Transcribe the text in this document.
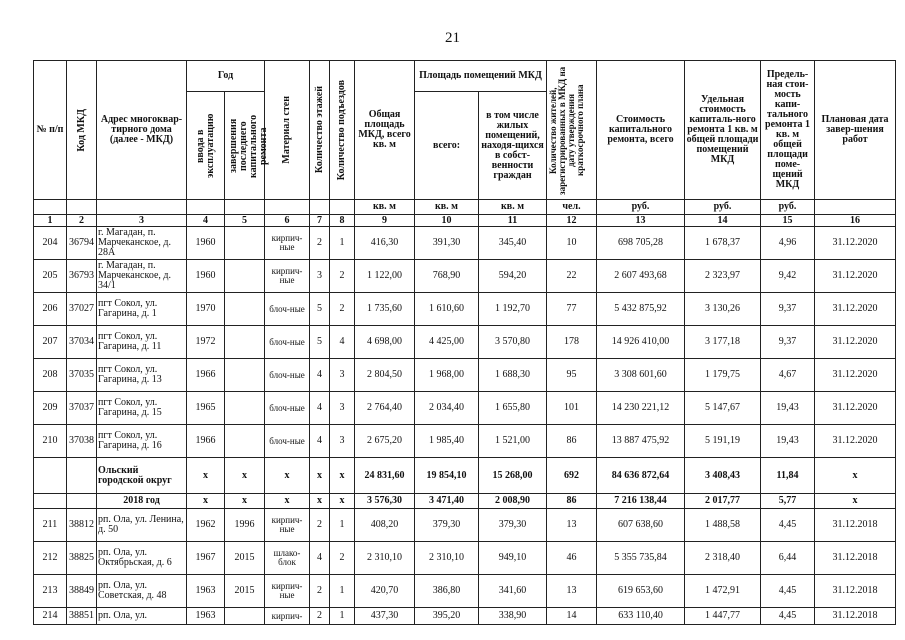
21
№ п/п	Код МКД	Адрес многоквар-тирного дома (далее - МКД)	Год		Материал стен	Количество этажей	Количество подъездов	Общая площадь МКД, всего кв. м	Площадь помещений МКД		Количество жителей, зарегистрированных в МКД на дату утверждения краткосрочного плана	Стоимость капитального ремонта, всего	Удельная стоимость капиталь-ного ремонта 1 кв. м общей площади помещений МКД	Предель-ная стои-мость капи-тального ремонта 1 кв. м общей площади поме-щений МКД	Плановая дата завер-шения работ

			ввода в эксплуатацию	завершения последнего капитального ремонта					всего:	в том числе жилых помещений, находя-щихся в собст-венности граждан					
								кв. м	кв. м	кв. м	чел.	руб.	руб.	руб.	
1	2	3	4	5	6	7	8	9	10	11	12	13	14	15	16
204	36794	г. Магадан, п. Марчеканское, д. 28А	1960		кирпич-ные	2	1	416,30	391,30	345,40	10	698 705,28	1 678,37	4,96	31.12.2020
205	36793	г. Магадан, п. Марчеканское, д. 34/1	1960		кирпич-ные	3	2	1 122,00	768,90	594,20	22	2 607 493,68	2 323,97	9,42	31.12.2020
206	37027	пгт Сокол, ул. Гагарина, д. 1	1970		блоч-ные	5	2	1 735,60	1 610,60	1 192,70	77	5 432 875,92	3 130,26	9,37	31.12.2020
207	37034	пгт Сокол, ул. Гагарина, д. 11	1972		блоч-ные	5	4	4 698,00	4 425,00	3 570,80	178	14 926 410,00	3 177,18	9,37	31.12.2020
208	37035	пгт Сокол, ул. Гагарина, д. 13	1966		блоч-ные	4	3	2 804,50	1 968,00	1 688,30	95	3 308 601,60	1 179,75	4,67	31.12.2020
209	37037	пгт Сокол, ул. Гагарина, д. 15	1965		блоч-ные	4	3	2 764,40	2 034,40	1 655,80	101	14 230 221,12	5 147,67	19,43	31.12.2020
210	37038	пгт Сокол, ул. Гагарина, д. 16	1966		блоч-ные	4	3	2 675,20	1 985,40	1 521,00	86	13 887 475,92	5 191,19	19,43	31.12.2020
		Ольский городской округ	x	x	x	x	x	24 831,60	19 854,10	15 268,00	692	84 636 872,64	3 408,43	11,84	x
		2018 год	x	x	x	x	x	3 576,30	3 471,40	2 008,90	86	7 216 138,44	2 017,77	5,77	x
211	38812	рп. Ола, ул. Ленина, д. 50	1962	1996	кирпич-ные	2	1	408,20	379,30	379,30	13	607 638,60	1 488,58	4,45	31.12.2018
212	38825	рп. Ола, ул. Октябрьская, д. 6	1967	2015	шлако-блок	4	2	2 310,10	2 310,10	949,10	46	5 355 735,84	2 318,40	6,44	31.12.2018
213	38849	рп. Ола, ул. Советская, д. 48	1963	2015	кирпич-ные	2	1	420,70	386,80	341,60	13	619 653,60	1 472,91	4,45	31.12.2018
214	38851	рп. Ола, ул.	1963		кирпич-	2	1	437,30	395,20	338,90	14	633 110,40	1 447,77	4,45	31.12.2018
